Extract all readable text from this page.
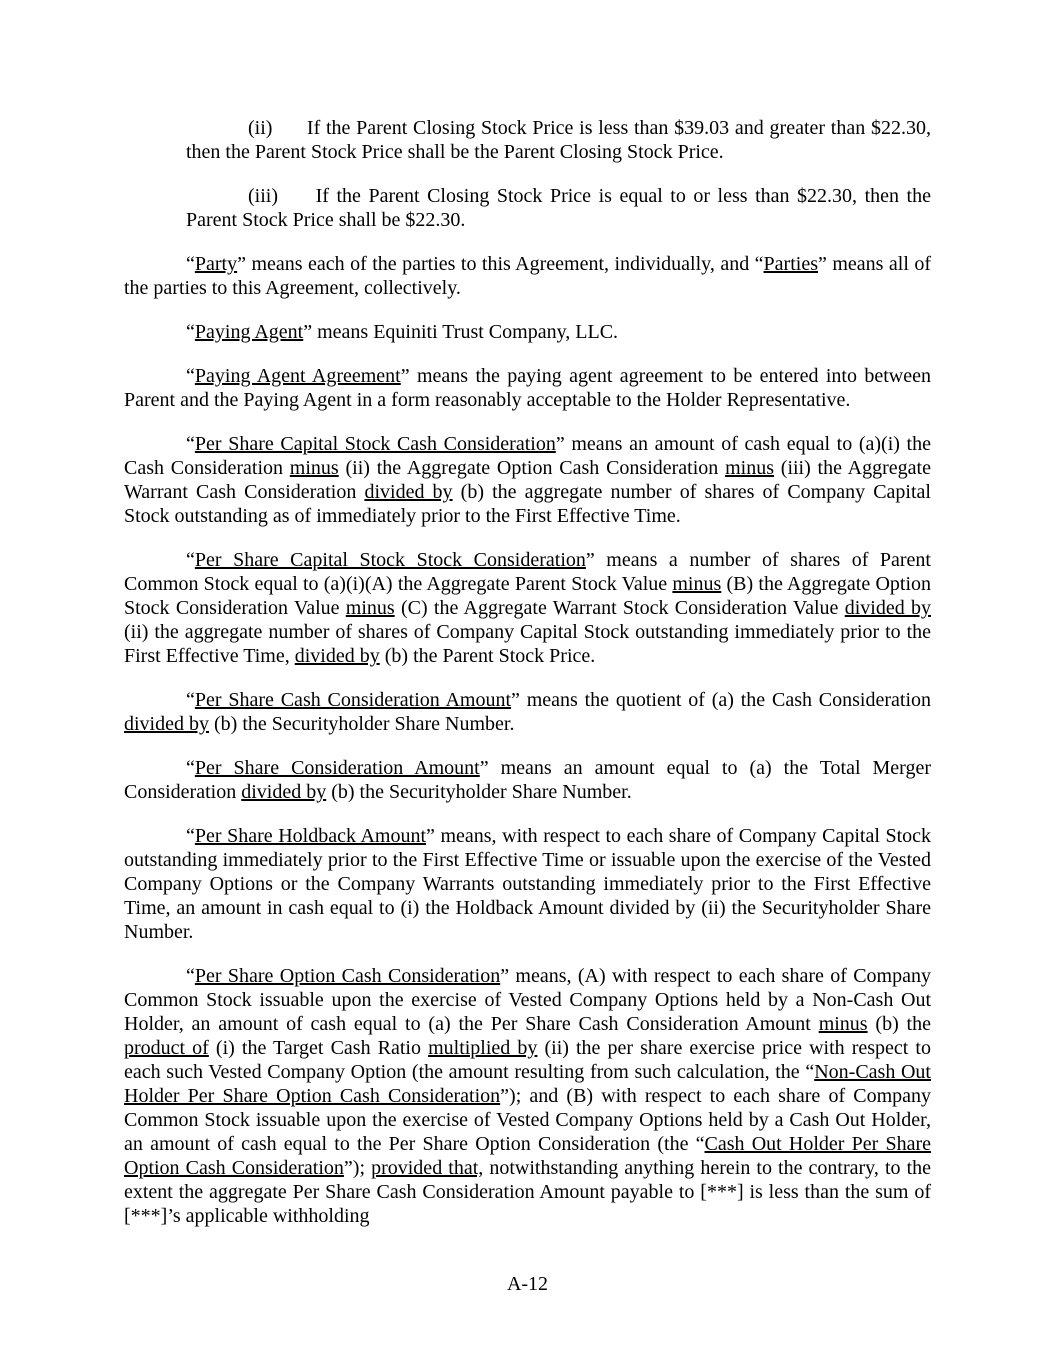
(ii)      If the Parent Closing Stock Price is less than $39.03 and greater than $22.30, then the Parent Stock Price shall be the Parent Closing Stock Price.

(iii)     If the Parent Closing Stock Price is equal to or less than $22.30, then the Parent Stock Price shall be $22.30.

“Party” means each of the parties to this Agreement, individually, and “Parties” means all of the parties to this Agreement, collectively.

“Paying Agent” means Equiniti Trust Company, LLC.

“Paying Agent Agreement” means the paying agent agreement to be entered into between Parent and the Paying Agent in a form reasonably acceptable to the Holder Representative.

“Per Share Capital Stock Cash Consideration” means an amount of cash equal to (a)(i) the Cash Consideration minus (ii) the Aggregate Option Cash Consideration minus (iii) the Aggregate Warrant Cash Consideration divided by (b) the aggregate number of shares of Company Capital Stock outstanding as of immediately prior to the First Effective Time.

“Per Share Capital Stock Stock Consideration” means a number of shares of Parent Common Stock equal to (a)(i)(A) the Aggregate Parent Stock Value minus (B) the Aggregate Option Stock Consideration Value minus (C) the Aggregate Warrant Stock Consideration Value divided by (ii) the aggregate number of shares of Company Capital Stock outstanding immediately prior to the First Effective Time, divided by (b) the Parent Stock Price.

“Per Share Cash Consideration Amount” means the quotient of (a) the Cash Consideration divided by (b) the Securityholder Share Number.

“Per Share Consideration Amount” means an amount equal to (a) the Total Merger Consideration divided by (b) the Securityholder Share Number.

“Per Share Holdback Amount” means, with respect to each share of Company Capital Stock outstanding immediately prior to the First Effective Time or issuable upon the exercise of the Vested Company Options or the Company Warrants outstanding immediately prior to the First Effective Time, an amount in cash equal to (i) the Holdback Amount divided by (ii) the Securityholder Share Number.

“Per Share Option Cash Consideration” means, (A) with respect to each share of Company Common Stock issuable upon the exercise of Vested Company Options held by a Non-Cash Out Holder, an amount of cash equal to (a) the Per Share Cash Consideration Amount minus (b) the product of (i) the Target Cash Ratio multiplied by (ii) the per share exercise price with respect to each such Vested Company Option (the amount resulting from such calculation, the “Non-Cash Out Holder Per Share Option Cash Consideration”); and (B) with respect to each share of Company Common Stock issuable upon the exercise of Vested Company Options held by a Cash Out Holder, an amount of cash equal to the Per Share Option Consideration (the “Cash Out Holder Per Share Option Cash Consideration”); provided that, notwithstanding anything herein to the contrary, to the extent the aggregate Per Share Cash Consideration Amount payable to [***] is less than the sum of [***]’s applicable withholding

A-12
